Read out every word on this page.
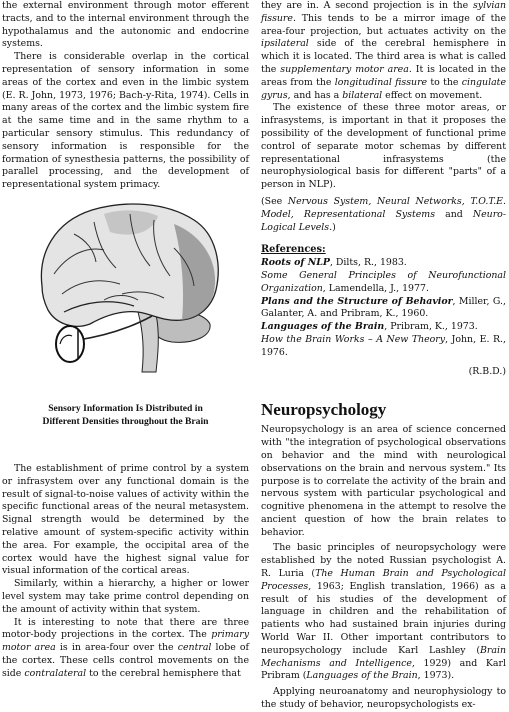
the external environment through motor efferent tracts, and to the internal environment through the hypothalamus and the autonomic and endocrine systems.

There is considerable overlap in the cortical representation of sensory information in some areas of the cortex and even in the limbic system (E. R. John, 1973, 1976; Bach-y-Rita, 1974). Cells in many areas of the cortex and the limbic system fire at the same time and in the same rhythm to a particular sensory stimulus. This redundancy of sensory information is responsible for the formation of synesthesia patterns, the possibility of parallel processing, and the development of representational system primacy.

Sensory Information Is Distributed in
Different Densities throughout the Brain

The establishment of prime control by a system or infrasystem over any functional domain is the result of signal-to-noise values of activity within the specific functional areas of the neural metasystem. Signal strength would be determined by the relative amount of system-specific activity within the area. For example, the occipital area of the cortex would have the highest signal value for visual information of the cortical areas.

Similarly, within a hierarchy, a higher or lower level system may take prime control depending on the amount of activity within that system.

It is interesting to note that there are three motor-body projections in the cortex. The primary motor area is in area-four over the central lobe of the cortex. These cells control movements on the side contralateral to the cerebral hemisphere that

they are in. A second projection is in the sylvian fissure. This tends to be a mirror image of the area-four projection, but actuates activity on the ipsilateral side of the cerebral hemisphere in which it is located. The third area is what is called the supplementary motor area. It is located in the areas from the longitudinal fissure to the cingulate gyrus, and has a bilateral effect on movement.

The existence of these three motor areas, or infrasystems, is important in that it proposes the possibility of the development of functional prime control of separate motor schemas by different representational infrasystems (the neurophysiological basis for different "parts" of a person in NLP).

(See Nervous System, Neural Networks, T.O.T.E. Model, Representational Systems and Neuro-Logical Levels.)

References:

Roots of NLP, Dilts, R., 1983.

Some General Principles of Neurofunctional Organization, Lamendella, J., 1977.

Plans and the Structure of Behavior, Miller, G., Galanter, A. and Pribram, K., 1960.

Languages of the Brain, Pribram, K., 1973.

How the Brain Works – A New Theory, John, E. R., 1976.

(R.B.D.)

Neuropsychology

Neuropsychology is an area of science concerned with "the integration of psychological observations on behavior and the mind with neurological observations on the brain and nervous system." Its purpose is to correlate the activity of the brain and nervous system with particular psychological and cognitive phenomena in the attempt to resolve the ancient question of how the brain relates to behavior.

The basic principles of neuropsychology were established by the noted Russian psychologist A. R. Luria (The Human Brain and Psychological Processes, 1963; English translation, 1966) as a result of his studies of the development of language in children and the rehabilitation of patients who had sustained brain injuries during World War II. Other important contributors to neuropsychology include Karl Lashley (Brain Mechanisms and Intelligence, 1929) and Karl Pribram (Languages of the Brain, 1973).

Applying neuroanatomy and neurophysiology to the study of behavior, neuropsychologists ex-
